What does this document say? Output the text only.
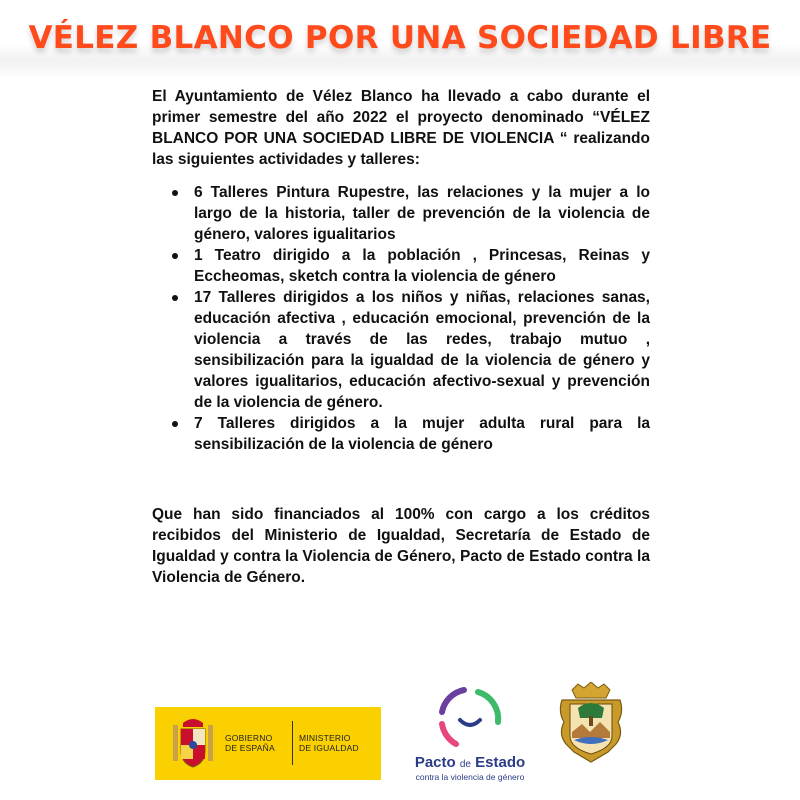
VÉLEZ BLANCO POR UNA SOCIEDAD LIBRE

El Ayuntamiento de Vélez Blanco ha llevado a cabo durante el primer semestre del año 2022 el proyecto denominado “VÉLEZ BLANCO POR UNA SOCIEDAD LIBRE DE VIOLENCIA “ realizando las siguientes actividades y talleres:

6 Talleres Pintura Rupestre, las relaciones y la mujer a lo largo de la historia, taller de prevención de la violencia de género, valores igualitarios
1 Teatro dirigido a la población , Princesas, Reinas y Eccheomas, sketch contra la violencia de género
17 Talleres dirigidos a los niños y niñas, relaciones sanas, educación afectiva , educación emocional, prevención de la violencia a través de las redes, trabajo mutuo , sensibilización para la igualdad de la violencia de género y valores igualitarios, educación afectivo-sexual y prevención de la violencia de género.
7 Talleres dirigidos a la mujer adulta rural para la sensibilización de la violencia de género

Que han sido financiados al 100% con cargo a los créditos recibidos del Ministerio de Igualdad, Secretaría de Estado de Igualdad y contra la Violencia de Género, Pacto de Estado contra la Violencia de Género.

GOBIERNO
DE ESPAÑA
MINISTERIO
DE IGUALDAD
Pacto de Estado
contra la violencia de género
